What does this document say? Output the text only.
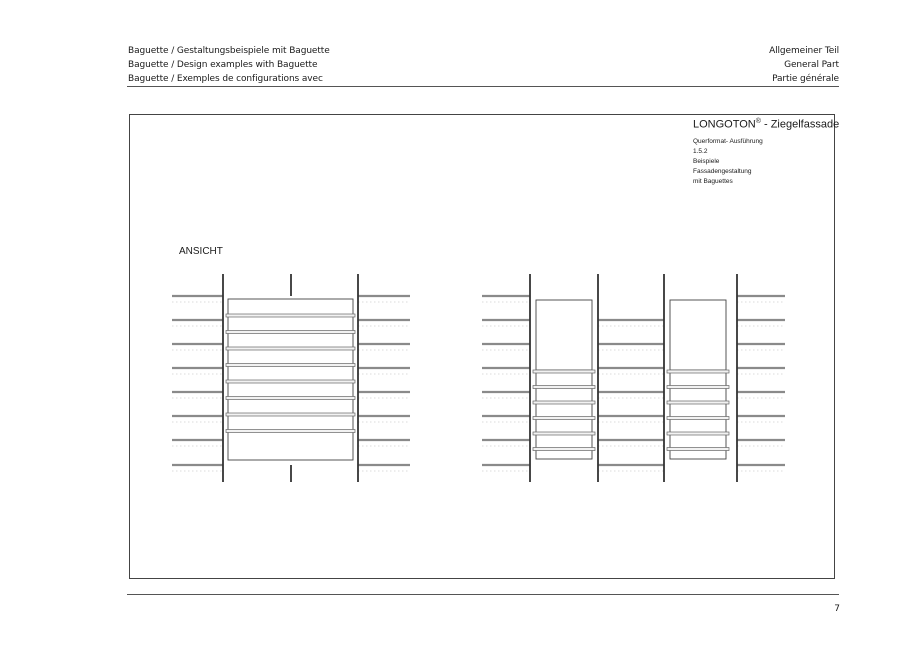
Baguette / Gestaltungsbeispiele mit Baguette
Baguette / Design examples with Baguette
Baguette / Exemples de configurations avec
Allgemeiner Teil
General Part
Partie générale
LONGOTON® - Ziegelfassade
Querformat- Ausführung
1.5.2
Beispiele
Fassadengestaltung
mit Baguettes
ANSICHT
7
